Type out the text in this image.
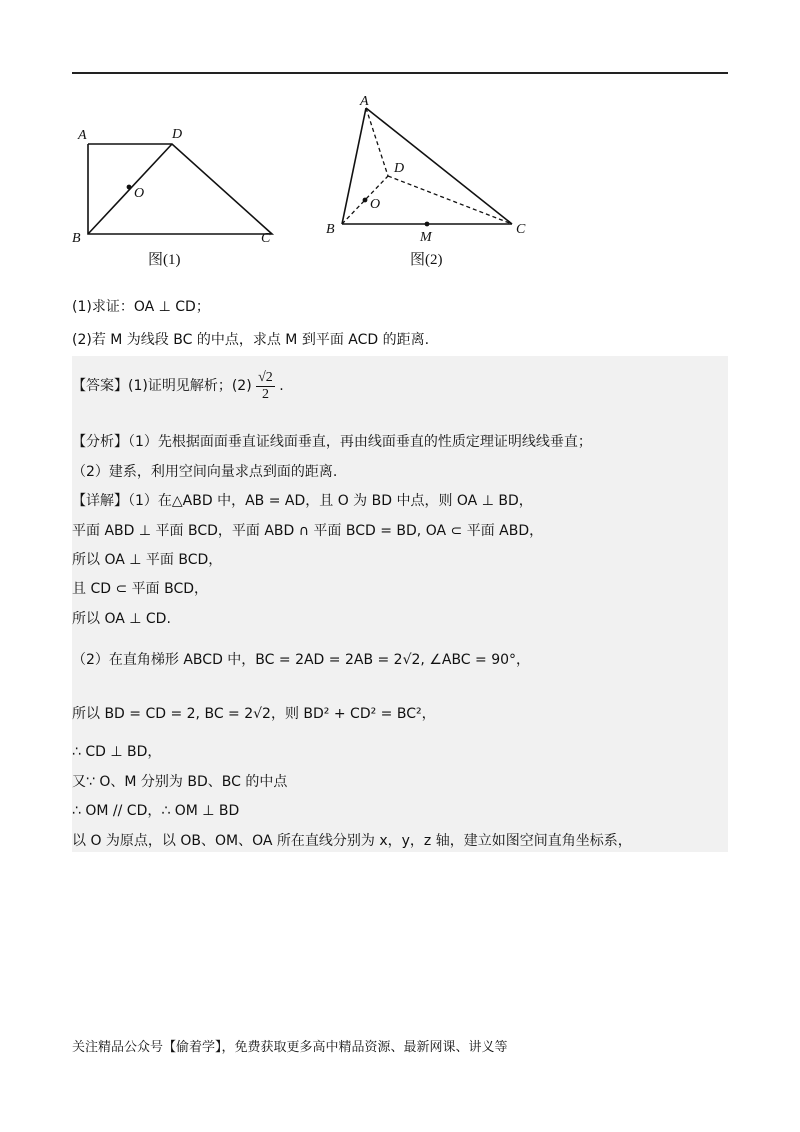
A	D
B	C
O
图(1)
A
D
O
B
M
C
图(2)
(1)求证：OA ⊥ CD；
(2)若 M 为线段 BC 的中点，求点 M 到平面 ACD 的距离.
【答案】(1)证明见解析；$(2) \frac{√2}{2}$ .
【分析】（1）先根据面面垂直证线面垂直，再由线面垂直的性质定理证明线线垂直；
（2）建系，利用空间向量求点到面的距离.
【详解】（1）在△ABD 中，AB = AD，且 O 为 BD 中点，则 OA ⊥ BD，
平面 ABD ⊥ 平面 BCD，平面 ABD ∩ 平面 BCD = BD, OA ⊂ 平面 ABD，
所以 OA ⊥ 平面 BCD，
且 CD ⊂ 平面 BCD，
所以 OA ⊥ CD.
（2）在直角梯形 ABCD 中，BC = 2AD = 2AB = 2√2, ∠ABC = 90°，
所以 BD = CD = 2, BC = 2√2，则 BD² + CD² = BC²，
∴ CD ⊥ BD，
又∵ O、M 分别为 BD、BC 的中点
∴ OM // CD，∴ OM ⊥ BD
以 O 为原点，以 OB、OM、OA 所在直线分别为 x，y，z 轴，建立如图空间直角坐标系，
关注精品公众号【偷着学】，免费获取更多高中精品资源、最新网课、讲义等
